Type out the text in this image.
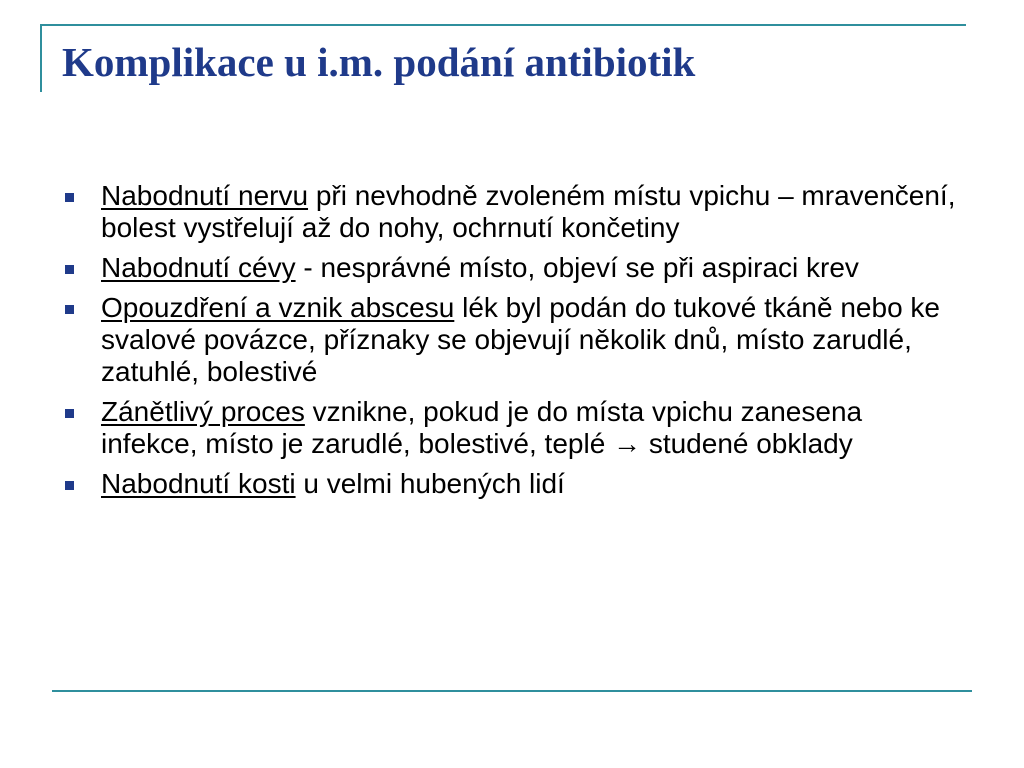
Komplikace u i.m. podání antibiotik
Nabodnutí nervu při nevhodně zvoleném místu vpichu – mravenčení, bolest vystřelují až do nohy, ochrnutí končetiny
Nabodnutí cévy - nesprávné místo, objeví se při aspiraci krev
Opouzdření a vznik abscesu lék byl podán do tukové tkáně nebo ke svalové povázce, příznaky se objevují několik dnů, místo zarudlé, zatuhlé, bolestivé
Zánětlivý proces vznikne, pokud je do místa vpichu zanesena infekce, místo je zarudlé, bolestivé, teplé → studené obklady
Nabodnutí kosti u velmi hubených lidí
